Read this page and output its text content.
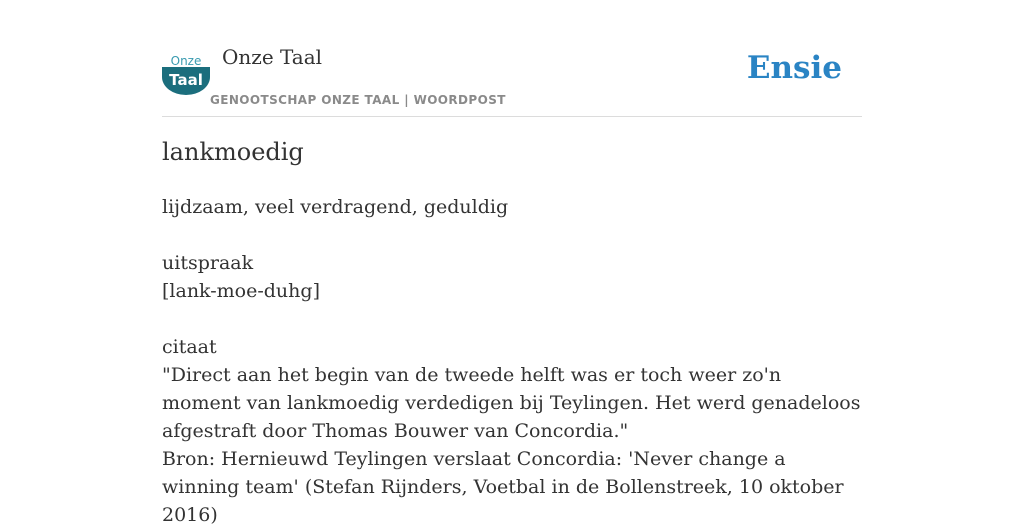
Onze
Taal
Onze Taal
GENOOTSCHAP ONZE TAAL | WOORDPOST
Ensie
lankmoedig

lijdzaam, veel verdragend, geduldig

uitspraak

[lank-moe-duhg]

citaat

"Direct aan het begin van de tweede helft was er toch weer zo'n moment van lankmoedig verdedigen bij Teylingen. Het werd genadeloos afgestraft door Thomas Bouwer van Concordia."

Bron: Hernieuwd Teylingen verslaat Concordia: 'Never change a winning team' (Stefan Rijnders, Voetbal in de Bollenstreek, 10 oktober 2016)
